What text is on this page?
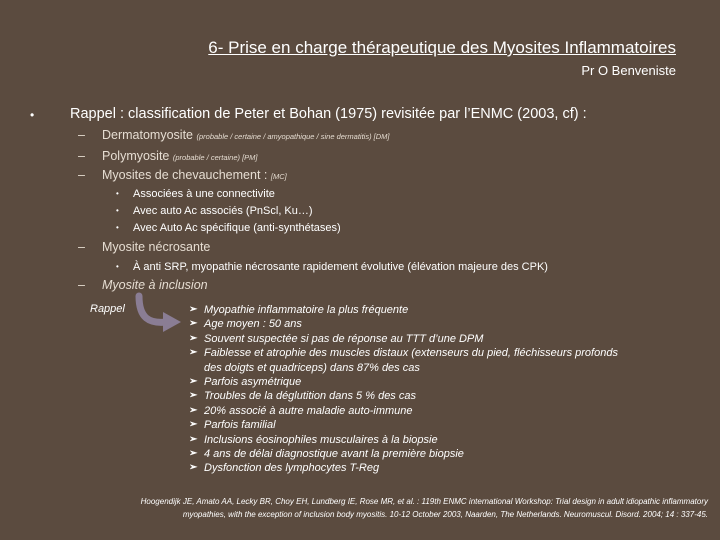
6- Prise en charge thérapeutique des Myosites Inflammatoires
Pr O Benveniste
• Rappel : classification de Peter et Bohan (1975) revisitée par l’ENMC (2003, cf) :
– Dermatomyosite (probable / certaine / amyopathique / sine dermatitis) [DM]
– Polymyosite (probable / certaine) [PM]
– Myosites de chevauchement : [MC]
• Associées à une connectivite
• Avec auto Ac associés (PnScl, Ku…)
• Avec Auto Ac spécifique (anti-synthétases)
– Myosite nécrosante
• À anti SRP, myopathie nécrosante rapidement évolutive (élévation majeure des CPK)
– Myosite à inclusion
Rappel	➢ Myopathie inflammatoire la plus fréquente
➢ Age moyen : 50 ans
➢ Souvent suspectée si pas de réponse au TTT d’une DPM
➢ Faiblesse et atrophie des muscles distaux (extenseurs du pied, fléchisseurs profonds des doigts et quadriceps) dans 87% des cas
➢ Parfois asymétrique
➢ Troubles de la déglutition dans 5 % des cas
➢ 20% associé à autre maladie auto-immune
➢ Parfois familial
➢ Inclusions éosinophiles musculaires à la biopsie
➢ 4 ans de délai diagnostique avant la première biopsie
➢ Dysfonction des lymphocytes T-Reg
Hoogendijk JE, Amato AA, Lecky BR, Choy EH, Lundberg IE, Rose MR, et al. : 119th ENMC international Workshop: Trial design in adult idiopathic inflammatory
myopathies, with the exception of inclusion body myositis. 10-12 October 2003, Naarden, The Netherlands. Neuromuscul. Disord. 2004; 14 : 337-45.
